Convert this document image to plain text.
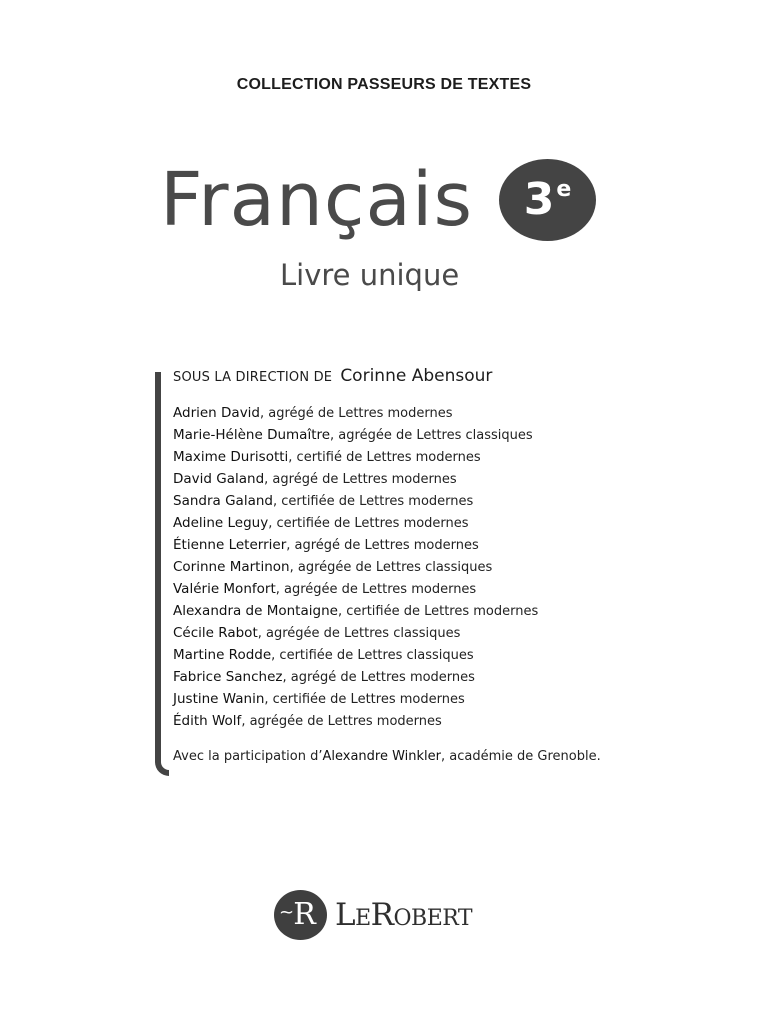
COLLECTION PASSEURS DE TEXTES
Français 3 e
Livre unique
SOUS LA DIRECTION DE Corinne Abensour
Adrien David, agrégé de Lettres modernes
Marie-Hélène Dumaître, agrégée de Lettres classiques
Maxime Durisotti, certifié de Lettres modernes
David Galand, agrégé de Lettres modernes
Sandra Galand, certifiée de Lettres modernes
Adeline Leguy, certifiée de Lettres modernes
Étienne Leterrier, agrégé de Lettres modernes
Corinne Martinon, agrégée de Lettres classiques
Valérie Monfort, agrégée de Lettres modernes
Alexandra de Montaigne, certifiée de Lettres modernes
Cécile Rabot, agrégée de Lettres classiques
Martine Rodde, certifiée de Lettres classiques
Fabrice Sanchez, agrégé de Lettres modernes
Justine Wanin, certifiée de Lettres modernes
Édith Wolf, agrégée de Lettres modernes
Avec la participation d’Alexandre Winkler, académie de Grenoble.
~ R LeRobert
